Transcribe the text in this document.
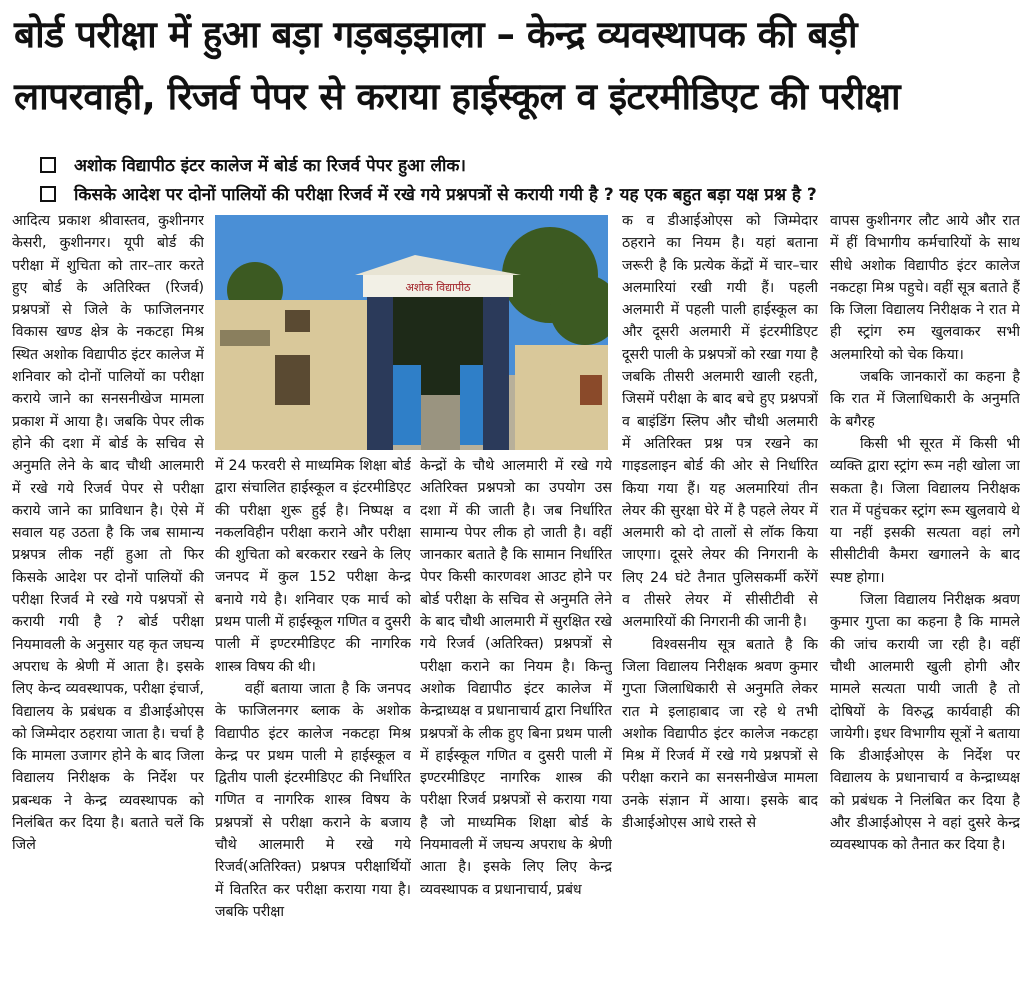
बोर्ड परीक्षा में हुआ बड़ा गड़बड़झाला – केन्द्र व्यवस्थापक की बड़ी
लापरवाही, रिजर्व पेपर से कराया हाईस्कूल व इंटरमीडिएट की परीक्षा
अशोक विद्यापीठ इंटर कालेज में बोर्ड का रिजर्व पेपर हुआ लीक।
किसके आदेश पर दोनों पालियों की परीक्षा रिजर्व में रखे गये प्रश्नपत्रों से करायी गयी है ? यह एक बहुत बड़ा यक्ष प्रश्न है ?
अशोक विद्यापीठ

आदित्य प्रकाश श्रीवास्तव, कुशीनगर केसरी, कुशीनगर। यूपी बोर्ड की परीक्षा में शुचिता को तार–तार करते हुए बोर्ड के अतिरिक्त (रिजर्व) प्रश्नपत्रों से जिले के फाजिलनगर विकास खण्ड क्षेत्र के नकटहा मिश्र स्थित अशोक विद्यापीठ इंटर कालेज में शनिवार को दोनों पालियों का परीक्षा कराये जाने का सनसनीखेज मामला प्रकाश में आया है। जबकि पेपर लीक होने की दशा में बोर्ड के सचिव से अनुमति लेने के बाद चौथी आलमारी में रखे गये रिजर्व पेपर से परीक्षा कराये जाने का प्राविधान है। ऐसे में सवाल यह उठता है कि जब सामान्य प्रश्नपत्र लीक नहीं हुआ तो फिर किसके आदेश पर दोनों पालियों की परीक्षा रिजर्व मे रखे गये पश्नपत्रों से करायी गयी है ? बोर्ड परीक्षा नियमावली के अनुसार यह कृत जघन्य अपराध के श्रेणी में आता है। इसके लिए केन्द व्यवस्थापक, परीक्षा इंचार्ज, विद्यालय के प्रबंधक व डीआईओएस को जिम्मेदार ठहराया जाता है। चर्चा है कि मामला उजागर होने के बाद जिला विद्यालय निरीक्षक के निर्देश पर प्रबन्धक ने केन्द्र व्यवस्थापक को निलंबित कर दिया है। बताते चलें कि जिले

में 24 फरवरी से माध्यमिक शिक्षा बोर्ड द्वारा संचालित हाईस्कूल व इंटरमीडिएट की परीक्षा शुरू हुई है। निष्पक्ष व नकलविहीन परीक्षा कराने और परीक्षा की शुचिता को बरकरार रखने के लिए जनपद में कुल 152 परीक्षा केन्द्र बनाये गये है। शनिवार एक मार्च को प्रथम पाली में हाईस्कूल गणित व दुसरी पाली में इण्टरमीडिएट की नागरिक शास्त्र विषय की थी।

वहीं बताया जाता है कि जनपद के फाजिलनगर ब्लाक के अशोक विद्यापीठ इंटर कालेज नकटहा मिश्र केन्द्र पर प्रथम पाली मे हाईस्कूल व द्वितीय पाली इंटरमीडिएट की निर्धारित गणित व नागरिक शास्त्र विषय के प्रश्नपत्रों से परीक्षा कराने के बजाय चौथे आलमारी मे रखे गये रिजर्व(अतिरिक्त) प्रश्नपत्र परीक्षार्थियों में वितरित कर परीक्षा कराया गया है। जबकि परीक्षा

केन्द्रों के चौथे आलमारी में रखे गये अतिरिक्त प्रश्नपत्रो का उपयोग उस दशा में की जाती है। जब निर्धारित सामान्य पेपर लीक हो जाती है। वहीं जानकार बताते है कि सामान निर्धारित पेपर किसी कारणवश आउट होने पर बोर्ड परीक्षा के सचिव से अनुमति लेने के बाद चौथी आलमारी में सुरक्षित रखे गये रिजर्व (अतिरिक्त) प्रश्नपत्रों से परीक्षा कराने का नियम है। किन्तु अशोक विद्यापीठ इंटर कालेज में केन्द्राध्यक्ष व प्रधानाचार्य द्वारा निर्धारित प्रश्नपत्रों के लीक हुए बिना प्रथम पाली में हाईस्कूल गणित व दुसरी पाली में इण्टरमीडिएट नागरिक शास्त्र की परीक्षा रिजर्व प्रश्नपत्रों से कराया गया है जो माध्यमिक शिक्षा बोर्ड के नियमावली में जघन्य अपराध के श्रेणी आता है। इसके लिए लिए केन्द्र व्यवस्थापक व प्रधानाचार्य, प्रबंध

क व डीआईओएस को जिम्मेदार ठहराने का नियम है। यहां बताना जरूरी है कि प्रत्येक केंद्रों में चार–चार अलमारियां रखी गयी हैं। पहली अलमारी में पहली पाली हाईस्कूल का और दूसरी अलमारी में इंटरमीडिएट दूसरी पाली के प्रश्नपत्रों को रखा गया है जबकि तीसरी अलमारी खाली रहती, जिसमें परीक्षा के बाद बचे हुए प्रश्नपत्रों व बाइंडिंग स्लिप और चौथी अलमारी में अतिरिक्त प्रश्न पत्र रखने का गाइडलाइन बोर्ड की ओर से निर्धारित किया गया हैं। यह अलमारियां तीन लेयर की सुरक्षा घेरे में है पहले लेयर में अलमारी को दो तालों से लॉक किया जाएगा। दूसरे लेयर की निगरानी के लिए 24 घंटे तैनात पुलिसकर्मी करेंगें व तीसरे लेयर में सीसीटीवी से अलमारियों की निगरानी की जानी है।

विश्वसनीय सूत्र बताते है कि जिला विद्यालय निरीक्षक श्रवण कुमार गुप्ता जिलाधिकारी से अनुमति लेकर रात मे इलाहाबाद जा रहे थे तभी अशोक विद्यापीठ इंटर कालेज नकटहा मिश्र में रिजर्व में रखे गये प्रश्नपत्रों से परीक्षा कराने का सनसनीखेज मामला उनके संज्ञान में आया। इसके बाद डीआईओएस आधे रास्ते से

वापस कुशीनगर लौट आये और रात में हीं विभागीय कर्मचारियों के साथ सीधे अशोक विद्यापीठ इंटर कालेज नकटहा मिश्र पहुचे। वहीं सूत्र बताते हैं कि जिला विद्यालय निरीक्षक ने रात मे ही स्ट्रांग रुम खुलवाकर सभी अलमारियो को चेक किया।

जबकि जानकारों का कहना है कि रात में जिलाधिकारी के अनुमति के बगैरह

किसी भी सूरत में किसी भी व्यक्ति द्वारा स्ट्रांग रूम नही खोला जा सकता है। जिला विद्यालय निरीक्षक रात में पहुंचकर स्ट्रांग रूम खुलवाये थे या नहीं इसकी सत्यता वहां लगे सीसीटीवी कैमरा खगालने के बाद स्पष्ट होगा।

जिला विद्यालय निरीक्षक श्रवण कुमार गुप्ता का कहना है कि मामले की जांच करायी जा रही है। वहीं चौथी आलमारी खुली होगी और मामले सत्यता पायी जाती है तो दोषियों के विरुद्ध कार्यवाही की जायेगी। इधर विभागीय सूत्रों ने बताया कि डीआईओएस के निर्देश पर विद्यालय के प्रधानाचार्य व केन्द्राध्यक्ष को प्रबंधक ने निलंबित कर दिया है और डीआईओएस ने वहां दुसरे केन्द्र व्यवस्थापक को तैनात कर दिया है।
